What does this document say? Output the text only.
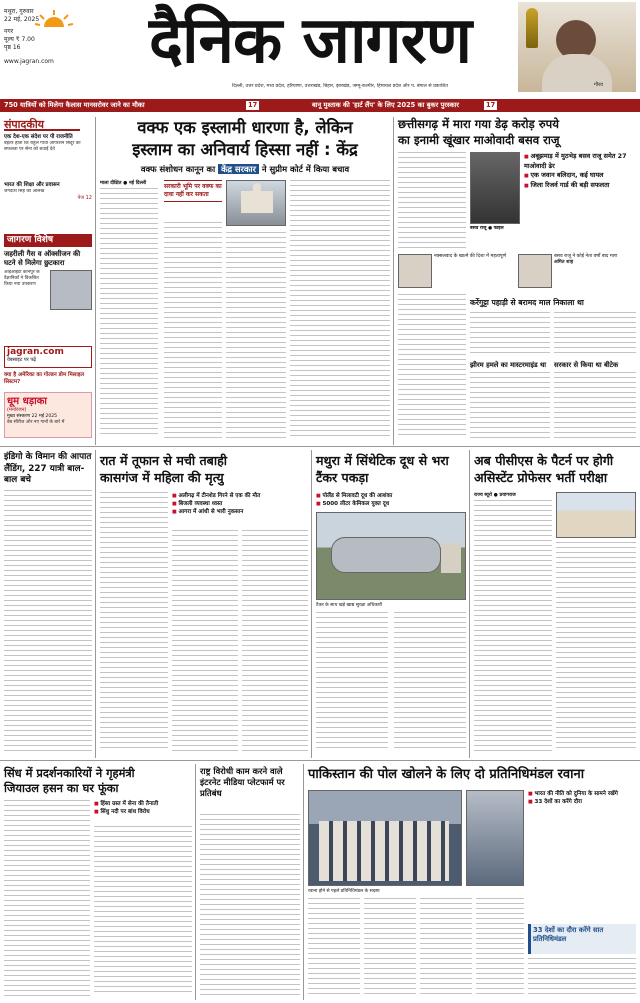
मथुरा, गुरुवार
22 मई, 2025
नगर
मूल्य ₹ 7.00
पृष्ठ 16
www.jagran.com	दैनिक जागरण
दिल्ली, उत्तर प्रदेश, मध्य प्रदेश, हरियाणा, उत्तराखंड, बिहार, झारखंड, जम्मू-कश्मीर, हिमाचल प्रदेश और प. बंगाल से प्रकाशित	गौरव
750 यात्रियों को मिलेगा कैलास मानसरोवर जाने का मौका	17	बानू मुश्ताक की 'हार्ट लैंप' के लिए 2025 का बुकर पुरस्कार	17
संपादकीय
एक देश-एक संदेश पर पी राजनीति
बेहतर होता कि राहुल गांधी ऑपरेशन सिंदूर की सफलता पर सेना को बधाई देते
भारत की शिक्षा और प्रवासन
जगदीश सिंह का आलेख
पेज 12
जागरण विशेष
जहरीली गैस व ऑक्सीजन की घटने से मिलेगा छुटकारा
आईआईटी कानपुर के वैज्ञानिकों ने विकसित किया नया उपकरण
jagran.com
वेबसाइट पर पढ़ें
क्या है अमेरिका का गोल्डन डोम मिसाइल सिस्टम?
धूम धड़ाका
(मनोरंजन)
मुख्य संस्करण 22 मई 2025
वेब सीरीज और नए गानों के बारे में
वक्फ एक इस्लामी धारणा है, लेकिन
इस्लाम का अनिवार्य हिस्सा नहीं : केंद्र
वक्फ संशोधन कानून का केंद्र सरकार ने सुप्रीम कोर्ट में किया बचाव
माला दीक्षित ● नई दिल्ली	सरकारी भूमि पर वक्फ का दावा नहीं कर सकता
छत्तीसगढ़ में मारा गया डेढ़ करोड़ रुपये
का इनामी खूंखार माओवादी बसव राजू
बसव राजू ● फाइल
■ अबूझमाड़ में मुठभेड़ बसव राजू समेत 27 माओवादी ढेर
■ एक जवान बलिदान, कई घायल
■ जिला रिजर्व गार्ड की बड़ी सफलता
नक्सलवाद के खात्मे की दिशा में महत्वपूर्ण	बसव राजू ने कोई नेता वर्षों बाद मारा
अमित शाह
कर्रेगुट्टा पहाड़ी से बरामद माल निकाला था
झीरम हमले का मास्टरमाइंड था	सरकार से किया था बीटेक
इंडिगो के विमान की आपात लैंडिंग, 227 यात्री बाल-बाल बचे
रात में तूफान से मची तबाही
कासगंज में महिला की मृत्यु
■ अलीगढ़ में टीनशेड गिरने से एक की मौत
■ बिजली व्यवस्था ध्वस्त
■ आगरा में आंधी से भारी नुकसान
मथुरा में सिंथेटिक दूध से भरा टैंकर पकड़ा
■ पोलैंड से मिलावटी दूध की आशंका
■ 5000 लीटर केमिकल युक्त दूध
टैंकर के साथ खड़े खाद्य सुरक्षा अधिकारी
अब पीसीएस के पैटर्न पर होगी
असिस्टेंट प्रोफेसर भर्ती परीक्षा
राज्य ब्यूरो ● प्रयागराज
सिंध में प्रदर्शनकारियों ने गृहमंत्री
जियाउल हसन का घर फूंका
■ हिंसा ग्रस्त में सेना की तैनाती
■ सिंधु नदी पर बांध विरोध
राष्ट्र विरोधी काम करने वाले इंटरनेट मीडिया प्लेटफार्म पर प्रतिबंध
पाकिस्तान की पोल खोलने के लिए दो प्रतिनिधिमंडल रवाना
रवाना होने से पहले प्रतिनिधिमंडल के सदस्य
■ भारत की नीति को दुनिया के सामने रखेंगे
■ 33 देशों का करेंगे दौरा
33 देशों का दौरा करेंगे सात प्रतिनिधिमंडल
